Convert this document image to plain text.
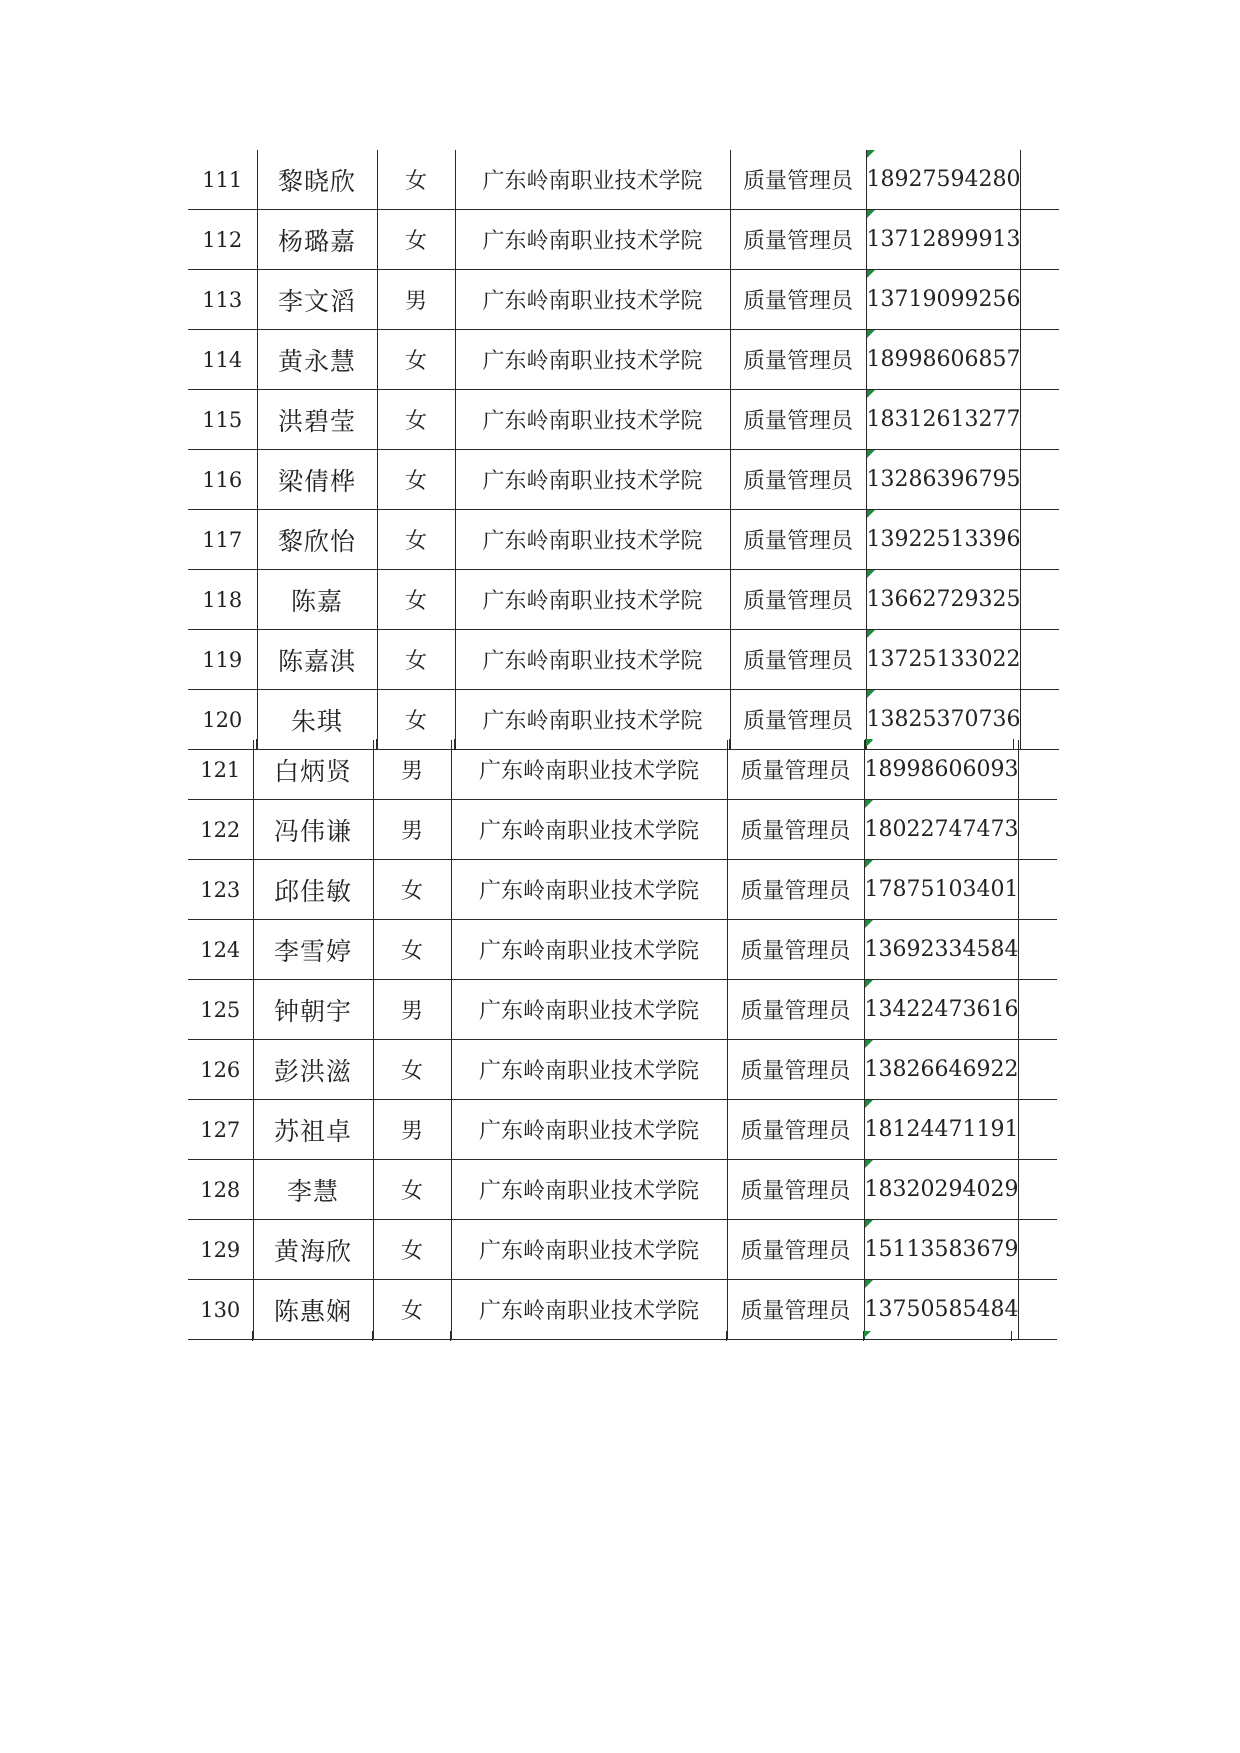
111	黎晓欣	女	广东岭南职业技术学院	质量管理员	18927594280	
112	杨璐嘉	女	广东岭南职业技术学院	质量管理员	13712899913	
113	李文滔	男	广东岭南职业技术学院	质量管理员	13719099256	
114	黄永慧	女	广东岭南职业技术学院	质量管理员	18998606857	
115	洪碧莹	女	广东岭南职业技术学院	质量管理员	18312613277	
116	梁倩桦	女	广东岭南职业技术学院	质量管理员	13286396795	
117	黎欣怡	女	广东岭南职业技术学院	质量管理员	13922513396	
118	陈嘉	女	广东岭南职业技术学院	质量管理员	13662729325	
119	陈嘉淇	女	广东岭南职业技术学院	质量管理员	13725133022	
120	朱琪	女	广东岭南职业技术学院	质量管理员	13825370736	
121	白炳贤	男	广东岭南职业技术学院	质量管理员	18998606093	
122	冯伟谦	男	广东岭南职业技术学院	质量管理员	18022747473	
123	邱佳敏	女	广东岭南职业技术学院	质量管理员	17875103401	
124	李雪婷	女	广东岭南职业技术学院	质量管理员	13692334584	
125	钟朝宇	男	广东岭南职业技术学院	质量管理员	13422473616	
126	彭洪滋	女	广东岭南职业技术学院	质量管理员	13826646922	
127	苏祖卓	男	广东岭南职业技术学院	质量管理员	18124471191	
128	李慧	女	广东岭南职业技术学院	质量管理员	18320294029	
129	黄海欣	女	广东岭南职业技术学院	质量管理员	15113583679	
130	陈惠娴	女	广东岭南职业技术学院	质量管理员	13750585484	
